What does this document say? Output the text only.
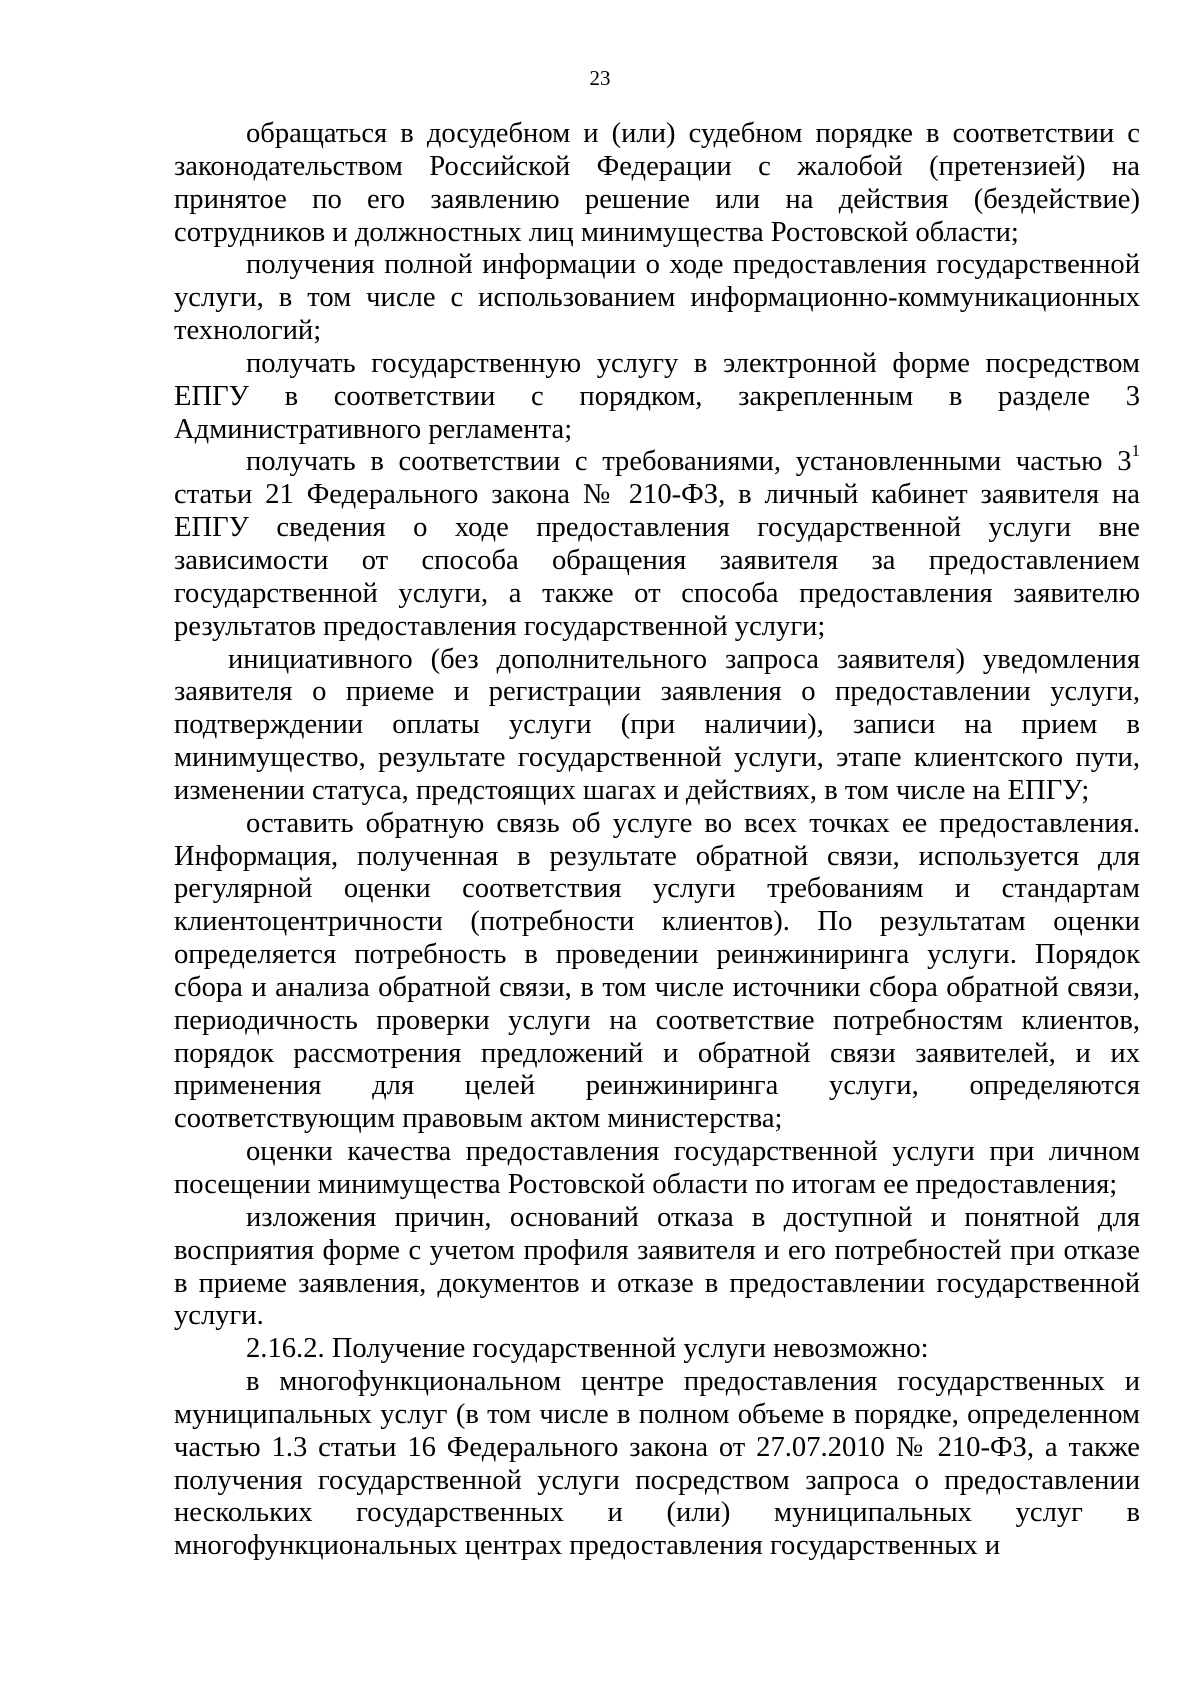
23

обращаться в досудебном и (или) судебном порядке в соответствии с законодательством Российской Федерации с жалобой (претензией) на принятое по его заявлению решение или на действия (бездействие) сотрудников и должностных лиц минимущества Ростовской области;

получения полной информации о ходе предоставления государственной услуги, в том числе с использованием информационно-коммуникационных технологий;

получать государственную услугу в электронной форме посредством ЕПГУ в соответствии с порядком, закрепленным в разделе 3 Административного регламента;

получать в соответствии с требованиями, установленными частью $3^1$ статьи 21 Федерального закона № 210-ФЗ, в личный кабинет заявителя на ЕПГУ сведения о ходе предоставления государственной услуги вне зависимости от способа обращения заявителя за предоставлением государственной услуги, а также от способа предоставления заявителю результатов предоставления государственной услуги;

инициативного (без дополнительного запроса заявителя) уведомления заявителя о приеме и регистрации заявления о предоставлении услуги, подтверждении оплаты услуги (при наличии), записи на прием в минимущество, результате государственной услуги, этапе клиентского пути, изменении статуса, предстоящих шагах и действиях, в том числе на ЕПГУ;

оставить обратную связь об услуге во всех точках ее предоставления. Информация, полученная в результате обратной связи, используется для регулярной оценки соответствия услуги требованиям и стандартам клиентоцентричности (потребности клиентов). По результатам оценки определяется потребность в проведении реинжиниринга услуги. Порядок сбора и анализа обратной связи, в том числе источники сбора обратной связи, периодичность проверки услуги на соответствие потребностям клиентов, порядок рассмотрения предложений и обратной связи заявителей, и их применения для целей реинжиниринга услуги, определяются соответствующим правовым актом министерства;

оценки качества предоставления государственной услуги при личном посещении минимущества Ростовской области по итогам ее предоставления;

изложения причин, оснований отказа в доступной и понятной для восприятия форме с учетом профиля заявителя и его потребностей при отказе в приеме заявления, документов и отказе в предоставлении государственной услуги.

2.16.2. Получение государственной услуги невозможно:

в многофункциональном центре предоставления государственных и муниципальных услуг (в том числе в полном объеме в порядке, определенном частью 1.3 статьи 16 Федерального закона от 27.07.2010 № 210-ФЗ, а также получения государственной услуги посредством запроса о предоставлении нескольких государственных и (или) муниципальных услуг в многофункциональных центрах предоставления государственных и
